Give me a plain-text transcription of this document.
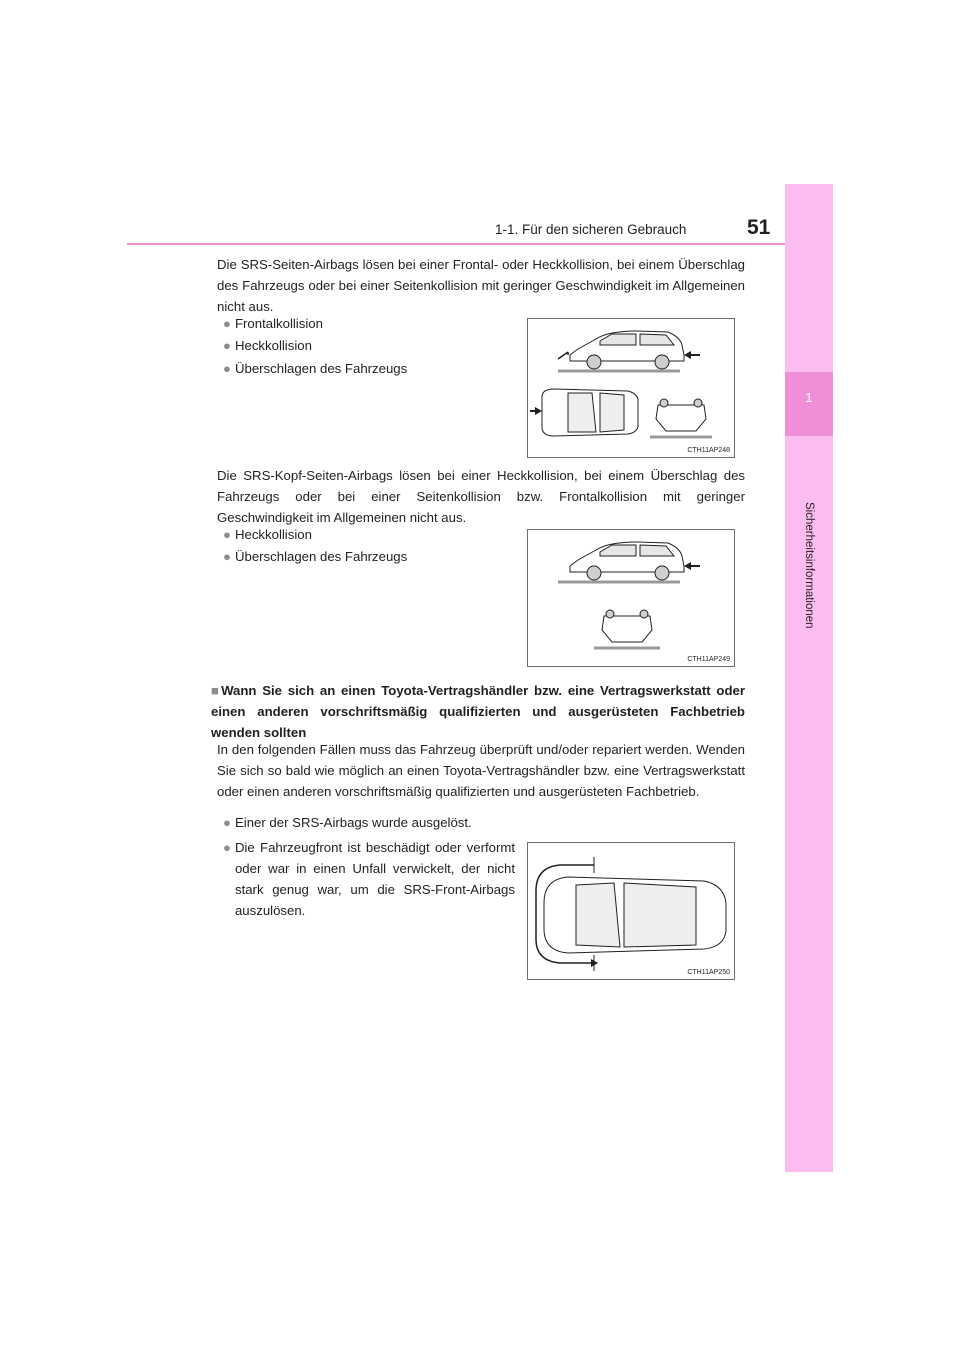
1-1. Für den sicheren Gebrauch	51
1
Sicherheitsinformationen
Die SRS-Seiten-Airbags lösen bei einer Frontal- oder Heckkollision, bei einem Überschlag des Fahrzeugs oder bei einer Seitenkollision mit geringer Geschwindigkeit im Allgemeinen nicht aus.
● Frontalkollision
● Heckkollision
● Überschlagen des Fahrzeugs
CTH11AP248
Die SRS-Kopf-Seiten-Airbags lösen bei einer Heckkollision, bei einem Überschlag des Fahrzeugs oder bei einer Seitenkollision bzw. Frontalkollision mit geringer Geschwindigkeit im Allgemeinen nicht aus.
● Heckkollision
● Überschlagen des Fahrzeugs
CTH11AP249
■Wann Sie sich an einen Toyota-Vertragshändler bzw. eine Vertragswerkstatt oder einen anderen vorschriftsmäßig qualifizierten und ausgerüsteten Fachbetrieb wenden sollten
In den folgenden Fällen muss das Fahrzeug überprüft und/oder repariert werden. Wenden Sie sich so bald wie möglich an einen Toyota-Vertragshändler bzw. eine Vertragswerkstatt oder einen anderen vorschriftsmäßig qualifizierten und ausgerüsteten Fachbetrieb.
● Einer der SRS-Airbags wurde ausgelöst.
● Die Fahrzeugfront ist beschädigt oder verformt oder war in einen Unfall verwickelt, der nicht stark genug war, um die SRS-Front-Airbags auszulösen.
CTH11AP250
